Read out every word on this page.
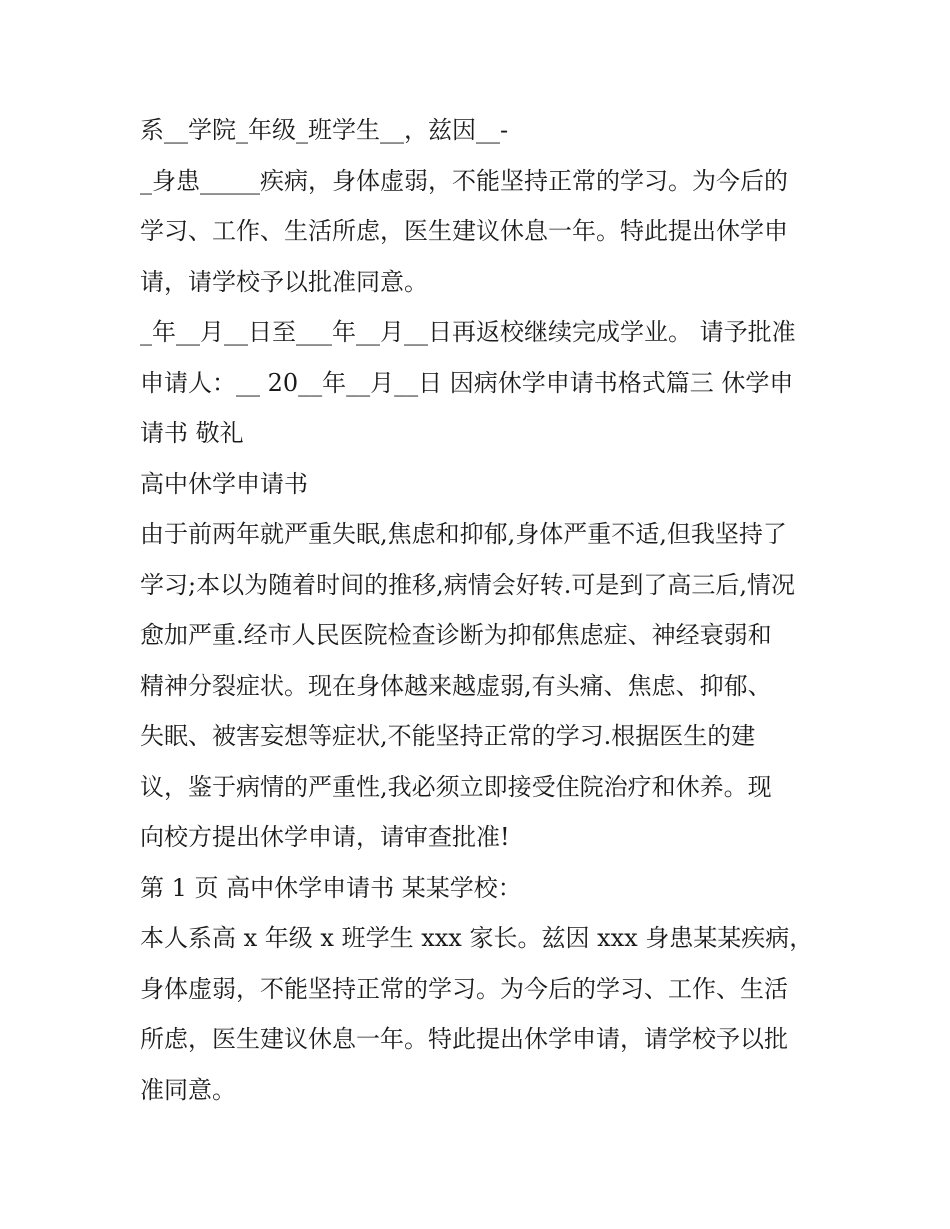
系__学院_年级_班学生__，兹因__-

_身患_____疾病，身体虚弱，不能坚持正常的学习。为今后的

学习、工作、生活所虑，医生建议休息一年。特此提出休学申

请，请学校予以批准同意。

_年__月__日至___年__月__日再返校继续完成学业。 请予批准

申请人：__ 20__年__月__日 因病休学申请书格式篇三 休学申

请书 敬礼

高中休学申请书

由于前两年就严重失眠,焦虑和抑郁,身体严重不适,但我坚持了

学习;本以为随着时间的推移,病情会好转.可是到了高三后,情况

愈加严重.经市人民医院检查诊断为抑郁焦虑症、神经衰弱和

精神分裂症状。现在身体越来越虚弱,有头痛、焦虑、抑郁、

失眠、被害妄想等症状,不能坚持正常的学习.根据医生的建

议，鉴于病情的严重性,我必须立即接受住院治疗和休养。现

向校方提出休学申请，请审查批准!

第 1 页 高中休学申请书 某某学校：

本人系高 x 年级 x 班学生 xxx 家长。兹因 xxx 身患某某疾病，

身体虚弱，不能坚持正常的学习。为今后的学习、工作、生活

所虑，医生建议休息一年。特此提出休学申请，请学校予以批

准同意。
